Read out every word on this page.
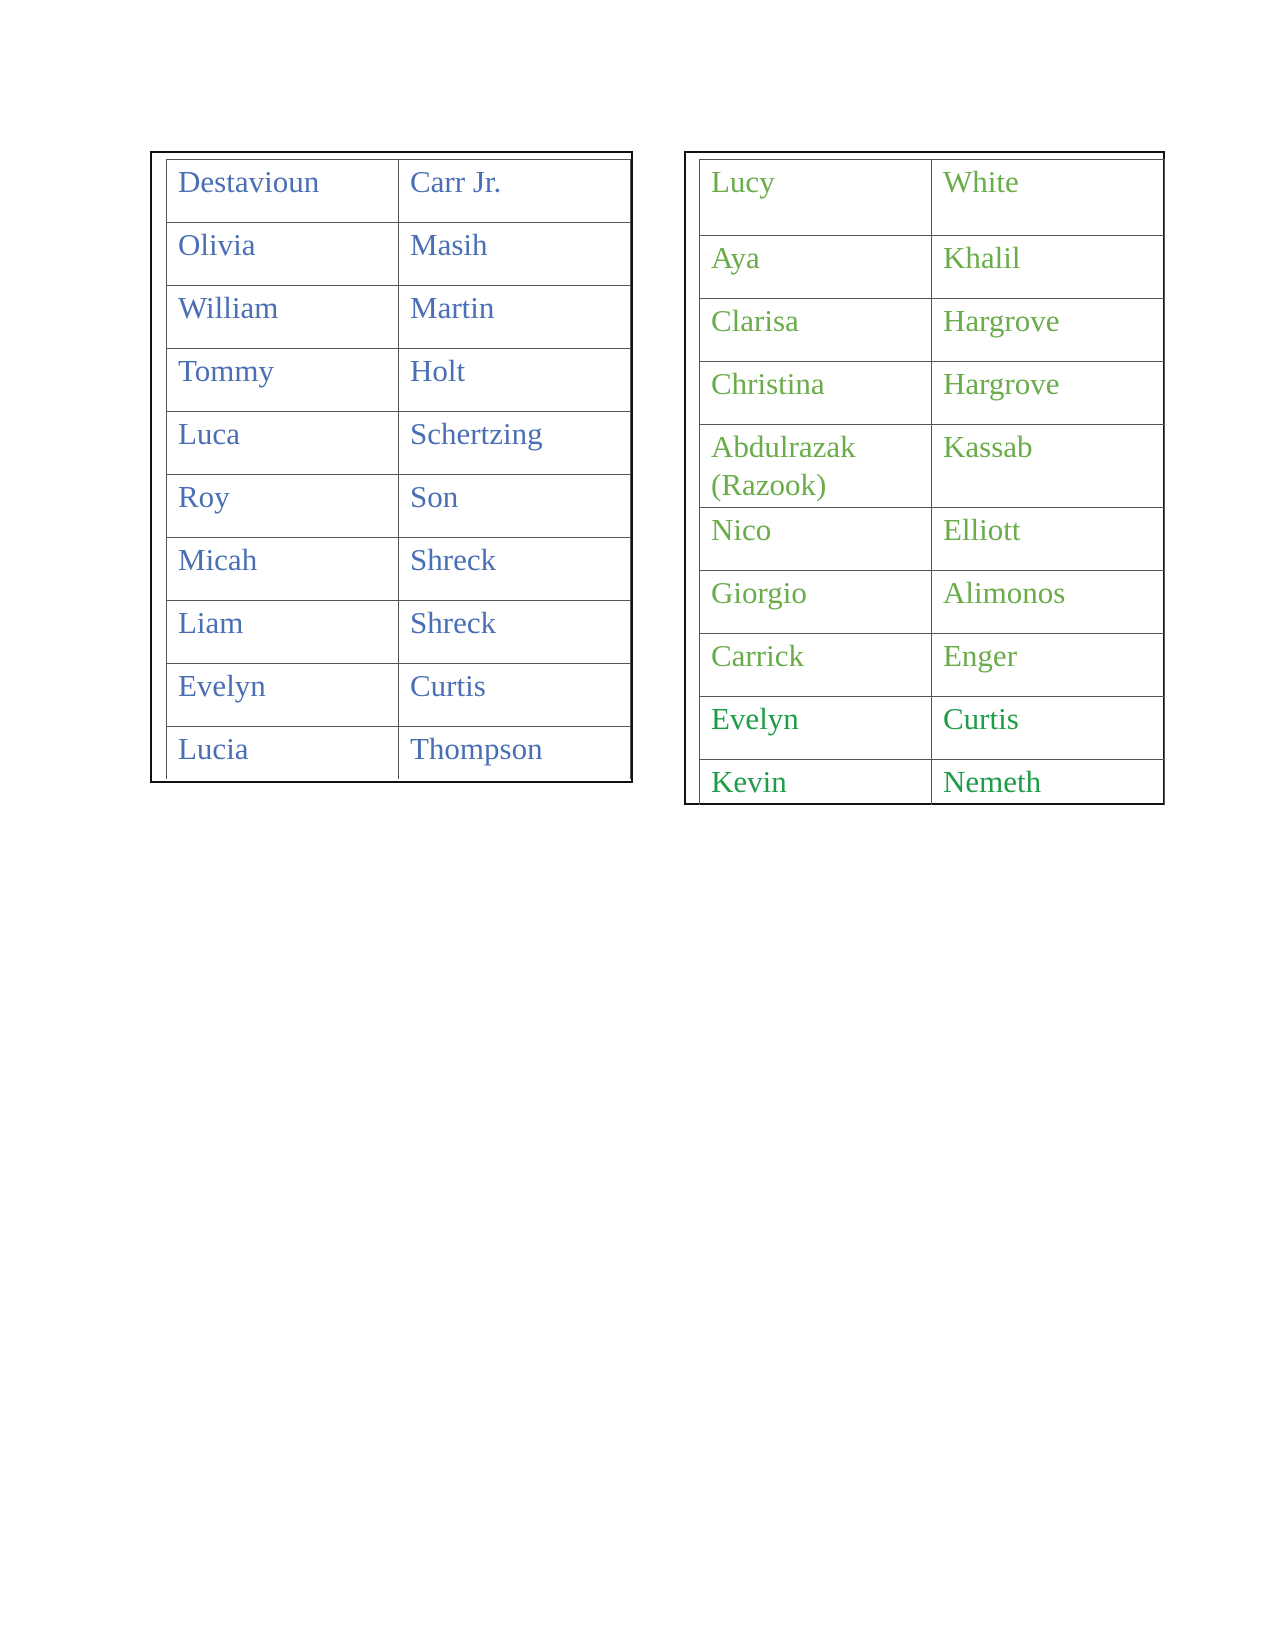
Destavioun	Carr Jr.
Olivia	Masih
William	Martin
Tommy	Holt
Luca	Schertzing
Roy	Son
Micah	Shreck
Liam	Shreck
Evelyn	Curtis
Lucia	Thompson
Lucy	White
Aya	Khalil
Clarisa	Hargrove
Christina	Hargrove
Abdulrazak (Razook)	Kassab
Nico	Elliott
Giorgio	Alimonos
Carrick	Enger
Evelyn	Curtis
Kevin	Nemeth
